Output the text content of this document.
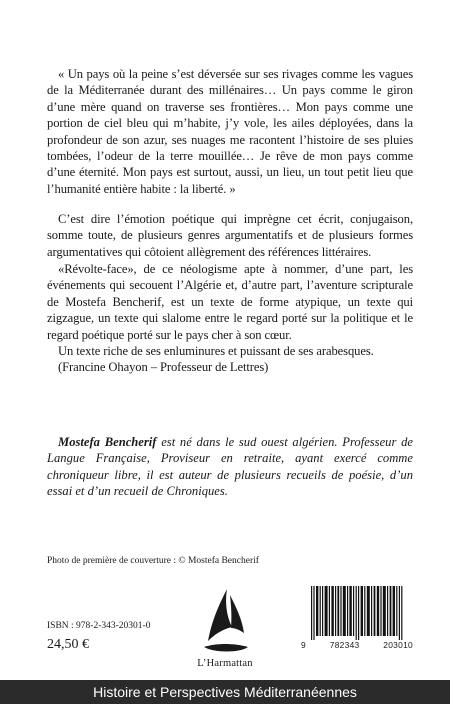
« Un pays où la peine s’est déversée sur ses rivages comme les vagues de la Méditerranée durant des millénaires… Un pays comme le giron d’une mère quand on traverse ses frontières… Mon pays comme une portion de ciel bleu qui m’habite, j’y vole, les ailes déployées, dans la profondeur de son azur, ses nuages me racontent l’histoire de ses pluies tombées, l’odeur de la terre mouillée… Je rêve de mon pays comme d’une éternité. Mon pays est surtout, aussi, un lieu, un tout petit lieu que l’humanité entière habite : la liberté. »

C’est dire l’émotion poétique qui imprègne cet écrit, conjugaison, somme toute, de plusieurs genres argumentatifs et de plusieurs formes argumentatives qui côtoient allègrement des références littéraires.

«Révolte-face», de ce néologisme apte à nommer, d’une part, les événements qui secouent l’Algérie et, d’autre part, l’aventure scripturale de Mostefa Bencherif, est un texte de forme atypique, un texte qui zigzague, un texte qui slalome entre le regard porté sur la politique et le regard poétique porté sur le pays cher à son cœur.

Un texte riche de ses enluminures et puissant de ses arabesques.
(Francine Ohayon – Professeur de Lettres)
Mostefa Bencherif est né dans le sud ouest algérien. Professeur de Langue Française, Proviseur en retraite, ayant exercé comme chroniqueur libre, il est auteur de plusieurs recueils de poésie, d’un essai et d’un recueil de Chroniques.
Photo de première de couverture : © Mostefa Bencherif
ISBN : 978-2-343-20301-0
24,50 €
L’Harmattan
9	782343	203010
Histoire et Perspectives Méditerranéennes
